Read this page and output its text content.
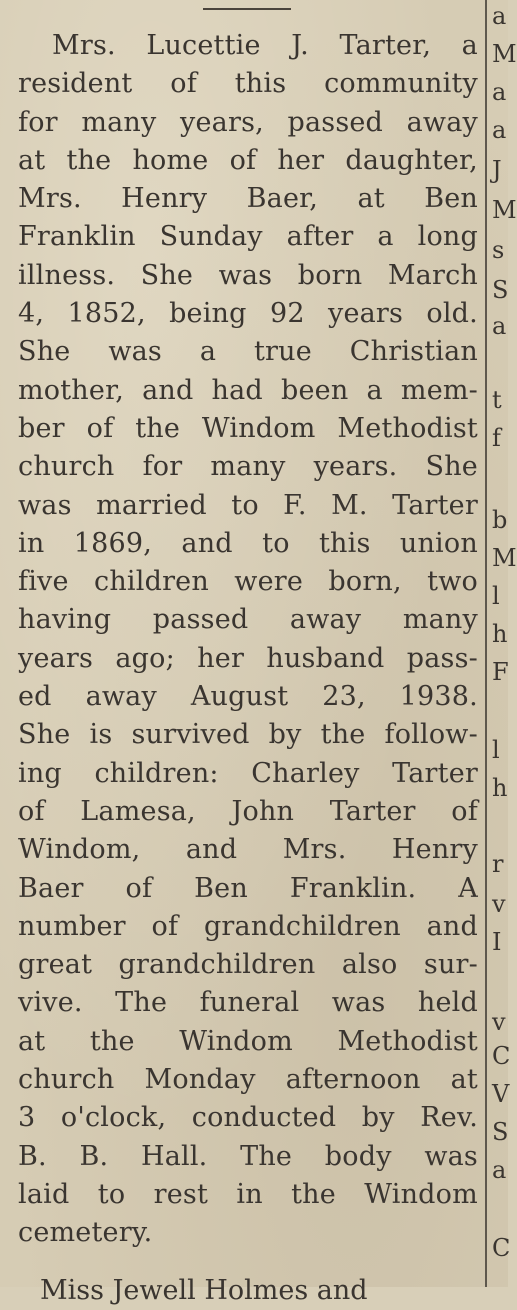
Mrs. Lucettie J. Tarter, a
resident of this community
for many years, passed away
at the home of her daughter,
Mrs. Henry Baer, at Ben
Franklin Sunday after a long
illness. She was born March
4, 1852, being 92 years old.
She was a true Christian
mother, and had been a mem-
ber of the Windom Methodist
church for many years. She
was married to F. M. Tarter
in 1869, and to this union
five children were born, two
having passed away many
years ago; her husband pass-
ed away August 23, 1938.
She is survived by the follow-
ing children: Charley Tarter
of Lamesa, John Tarter of
Windom, and Mrs. Henry
Baer of Ben Franklin. A
number of grandchildren and
great grandchildren also sur-
vive. The funeral was held
at the Windom Methodist
church Monday afternoon at
3 o'clock, conducted by Rev.
B. B. Hall. The body was
laid to rest in the Windom
cemetery.
a
M
a
a
J
M
s
S
a
t
f
b
M
l
h
F
l
h
r
v
I
v
C
V
S
a
C
Miss Jewell Holmes and
